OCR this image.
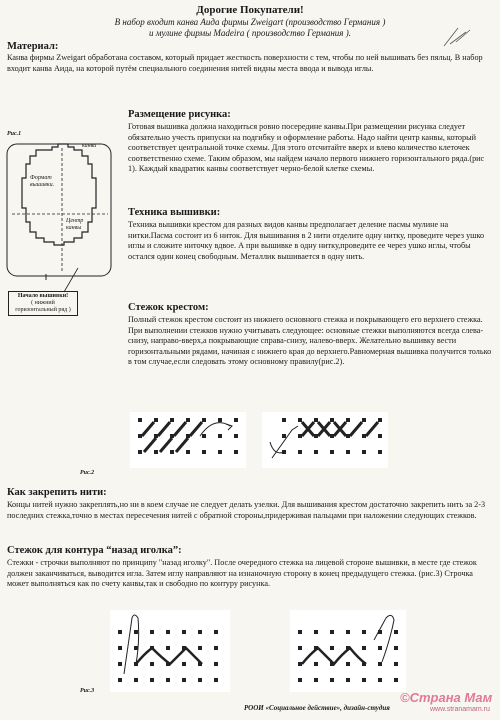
Дорогие Покупатели!
В набор входит канва Аида фирмы Zweigart (производство Германия )
и мулине фирмы Madeira ( производство Германия ).
Материал:
Канва фирмы Zweigart обработана составом, который придает жесткость поверхности с тем, чтобы по ней вышивать без пяльц. В набор входит канва Аида, на которой путём специального соединения нитей видны места ввода и вывода иглы.
Рис.1
канва
Формат вышивки.
Центр канвы
Начало вышивки!
( нижний горизонтальный ряд )
Размещение рисунка:
Готовая вышивка должна находиться ровно посередине канвы.При размещении рисунка следует обязательно учесть припуски на подгибку и оформление работы. Надо найти центр канвы, который соответствует центральной точке схемы. Для этого отсчитайте вверх и влево количество клеточек соответственно схеме. Таким образом, мы найдем начало первого нижнего горизонтального ряда.(рис 1). Каждый квадратик канвы соответствует черно-белой клетке схемы.
Техника вышивки:
Техника вышивки крестом для разных видов канвы предполагает деление пасмы мулине на нитки.Пасма состоит из 6 ниток. Для вышивания в 2 нити отделите одну нитку, проведите через ушко иглы и сложите ниточку вдвое. А при вышивке в одну нитку,проведите ее через ушко иглы, чтобы остался один конец свободным. Металлик вышивается в одну нить.
Стежок крестом:
Полный стежок крестом состоит из нижнего основного стежка и покрывающего его верхнего стежка. При выполнении стежков нужно учитывать следующее: основные стежки выполняются всегда слева-снизу, направо-вверх,а покрывающие справа-снизу, налево-вверх. Желательно вышивку вести горизонтальными рядами, начиная с нижнего края до верхнего.Равномерная вышивка получится только в том случае,если следовать этому основному правилу(рис.2).
Рис.2
Как закрепить нити:
Концы нитей нужно закреплять,но ни в коем случае не следует делать узелки. Для вышивания крестом достаточно закрепить нить за 2-3 последних стежка,точно в местах пересечения нитей с обратной стороны,придерживая пальцами при наложении следующих стежков.
Стежок для контура “назад иголка”:
Стежки - строчки выполняют по принципу "назад иголку". После очередного стежка на лицевой стороне вышивки, в месте где стежок должен заканчиваться, выводится игла. Затем иглу направляют на изнаночную сторону в конец предыдущего стежка. (рис.3) Строчка может выполняться как по счету канвы,так и свободно по контуру рисунка.
Рис.3
РООИ «Социальное действие», дизайн-студия
©Страна Мам
www.stranamam.ru
